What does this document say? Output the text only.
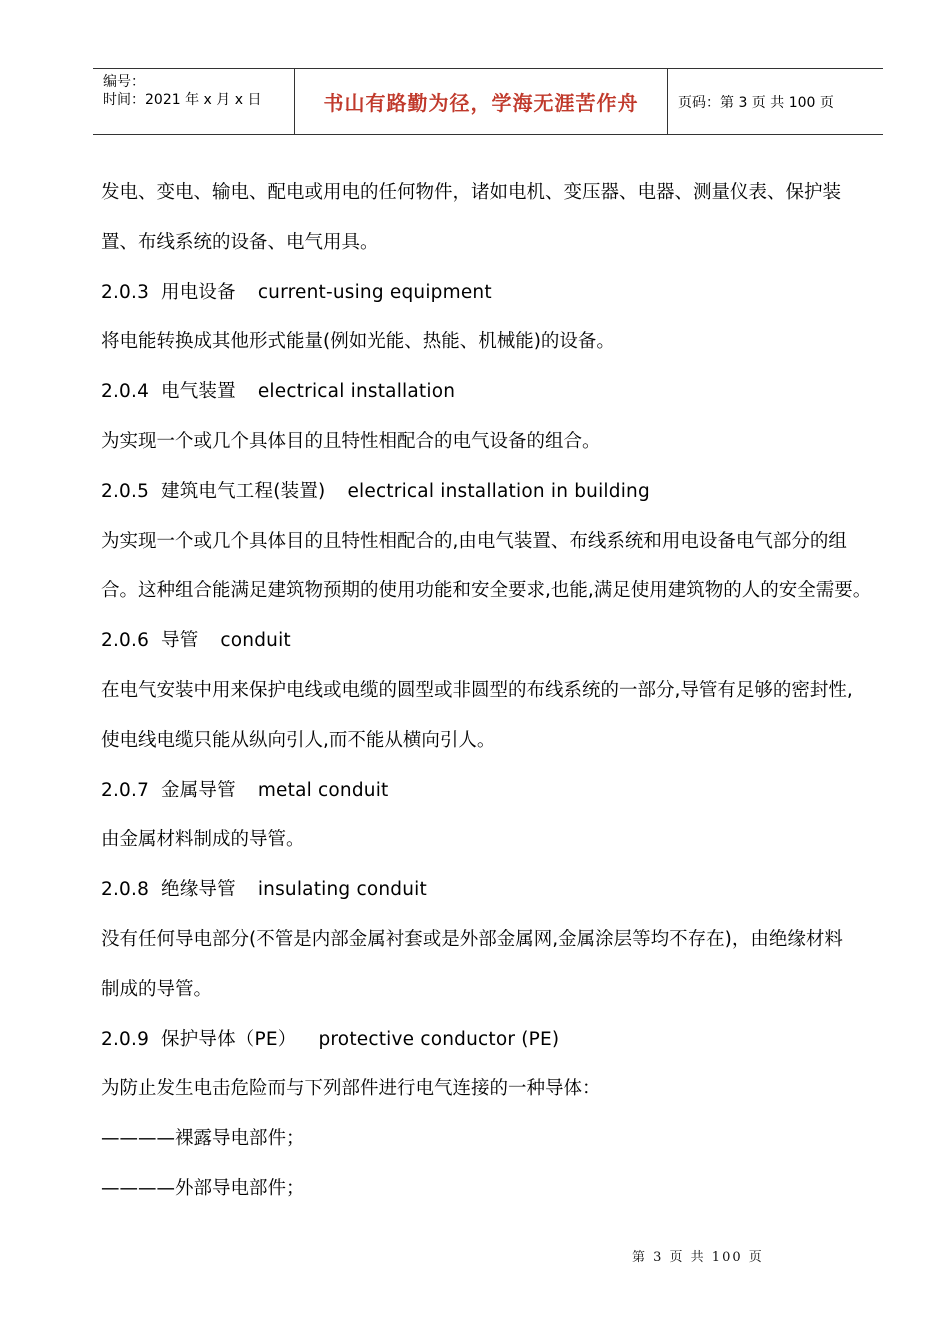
编号：
时间：2021 年 x 月 x 日	书山有路勤为径，学海无涯苦作舟	页码：第 3 页 共 100 页
发电、变电、输电、配电或用电的任何物件，诸如电机、变压器、电器、测量仪表、保护装
置、布线系统的设备、电气用具。
2.0.3 用电设备 current-using equipment
将电能转换成其他形式能量(例如光能、热能、机械能)的设备。
2.0.4 电气装置 electrical installation
为实现一个或几个具体目的且特性相配合的电气设备的组合。
2.0.5 建筑电气工程(装置) electrical installation in building
为实现一个或几个具体目的且特性相配合的,由电气装置、布线系统和用电设备电气部分的组
合。这种组合能满足建筑物预期的使用功能和安全要求,也能,满足使用建筑物的人的安全需要。
2.0.6 导管 conduit
在电气安装中用来保护电线或电缆的圆型或非圆型的布线系统的一部分,导管有足够的密封性,
使电线电缆只能从纵向引人,而不能从横向引人。
2.0.7 金属导管 metal conduit
由金属材料制成的导管。
2.0.8 绝缘导管 insulating conduit
没有任何导电部分(不管是内部金属衬套或是外部金属网,金属涂层等均不存在)，由绝缘材料
制成的导管。
2.0.9 保护导体（PE） protective conductor (PE)
为防止发生电击危险而与下列部件进行电气连接的一种导体：
————裸露导电部件；
————外部导电部件；
第 3 页 共 100 页
